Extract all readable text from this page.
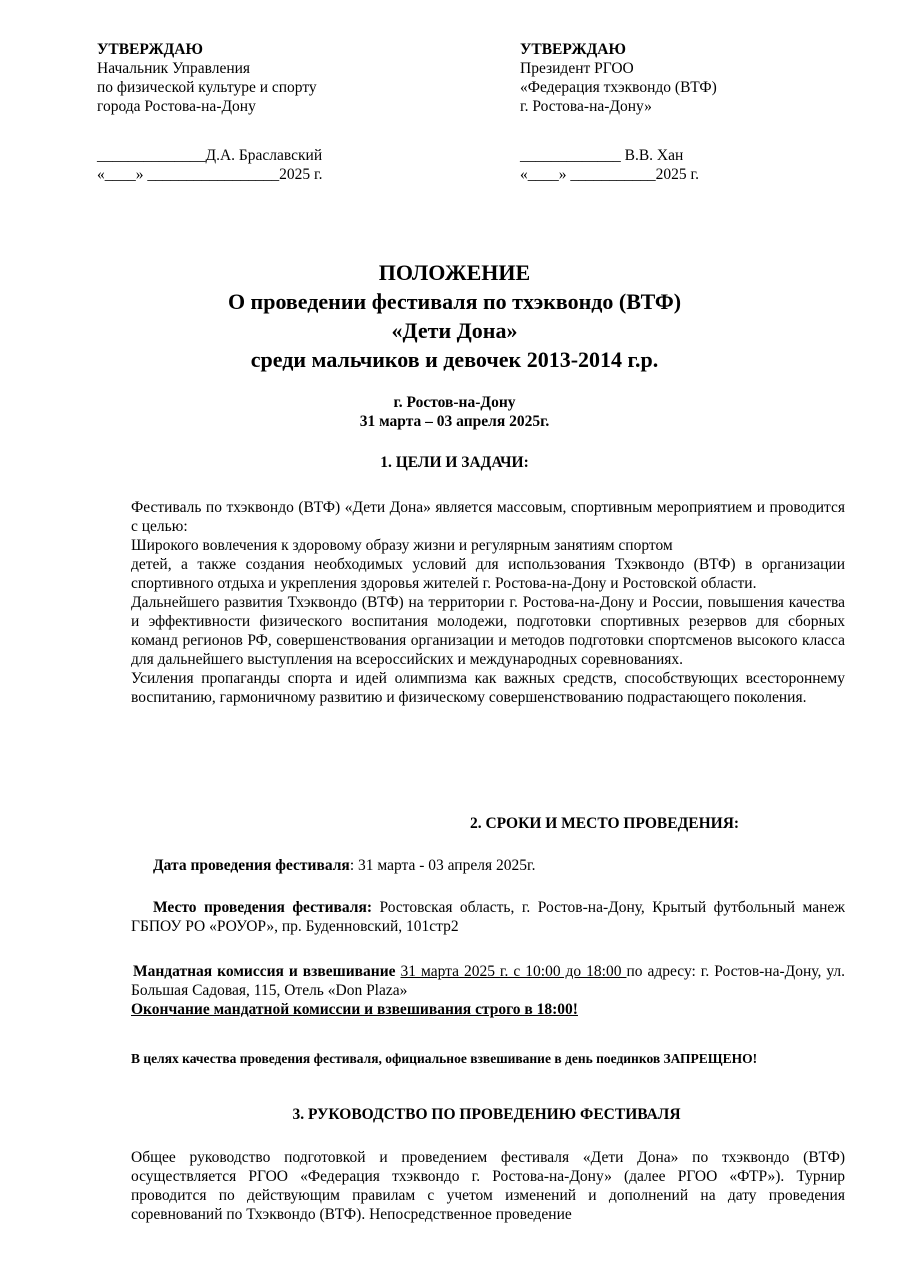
УТВЕРЖДАЮ
Начальник Управления
по физической культуре и спорту
города Ростова-на-Дону
______________Д.А. Браславский
«____» _________________2025 г.
УТВЕРЖДАЮ
Президент РГОО
«Федерация тхэквондо (ВТФ)
г. Ростова-на-Дону»
_____________ В.В. Хан
«____» ___________2025 г.
ПОЛОЖЕНИЕ
О проведении фестиваля по тхэквондо (ВТФ)
«Дети Дона»
среди мальчиков и девочек 2013-2014 г.р.
г. Ростов-на-Дону
31 марта – 03 апреля 2025г.
1. ЦЕЛИ И ЗАДАЧИ:
Фестиваль по тхэквондо (ВТФ) «Дети Дона» является массовым, спортивным мероприятием и проводится с целью:
Широкого вовлечения к здоровому образу жизни и регулярным занятиям спортом
детей, а также создания необходимых условий для использования Тхэквондо (ВТФ) в организации спортивного отдыха и укрепления здоровья жителей г. Ростова-на-Дону и Ростовской области.
Дальнейшего развития Тхэквондо (ВТФ) на территории г. Ростова-на-Дону и России, повышения качества и эффективности физического воспитания молодежи, подготовки спортивных резервов для сборных команд регионов РФ, совершенствования организации и методов подготовки спортсменов высокого класса для дальнейшего выступления на всероссийских и международных соревнованиях.
Усиления пропаганды спорта и идей олимпизма как важных средств, способствующих всестороннему воспитанию, гармоничному развитию и физическому совершенствованию подрастающего поколения.
2. СРОКИ И МЕСТО ПРОВЕДЕНИЯ:
Дата проведения фестиваля: 31 марта - 03 апреля 2025г.
Место проведения фестиваля: Ростовская область, г. Ростов-на-Дону, Крытый футбольный манеж ГБПОУ РО «РОУОР», пр. Буденновский, 101стр2
Мандатная комиссия и взвешивание 31 марта 2025 г. с 10:00 до 18:00 по адресу: г. Ростов-на-Дону, ул. Большая Садовая, 115, Отель «Don Plaza»
Окончание мандатной комиссии и взвешивания строго в 18:00!
В целях качества проведения фестиваля, официальное взвешивание в день поединков ЗАПРЕЩЕНО!
3. РУКОВОДСТВО ПО ПРОВЕДЕНИЮ ФЕСТИВАЛЯ
Общее руководство подготовкой и проведением фестиваля «Дети Дона» по тхэквондо (ВТФ) осуществляется РГОО «Федерация тхэквондо г. Ростова-на-Дону» (далее РГОО «ФТР»). Турнир проводится по действующим правилам с учетом изменений и дополнений на дату проведения соревнований по Тхэквондо (ВТФ). Непосредственное проведение
